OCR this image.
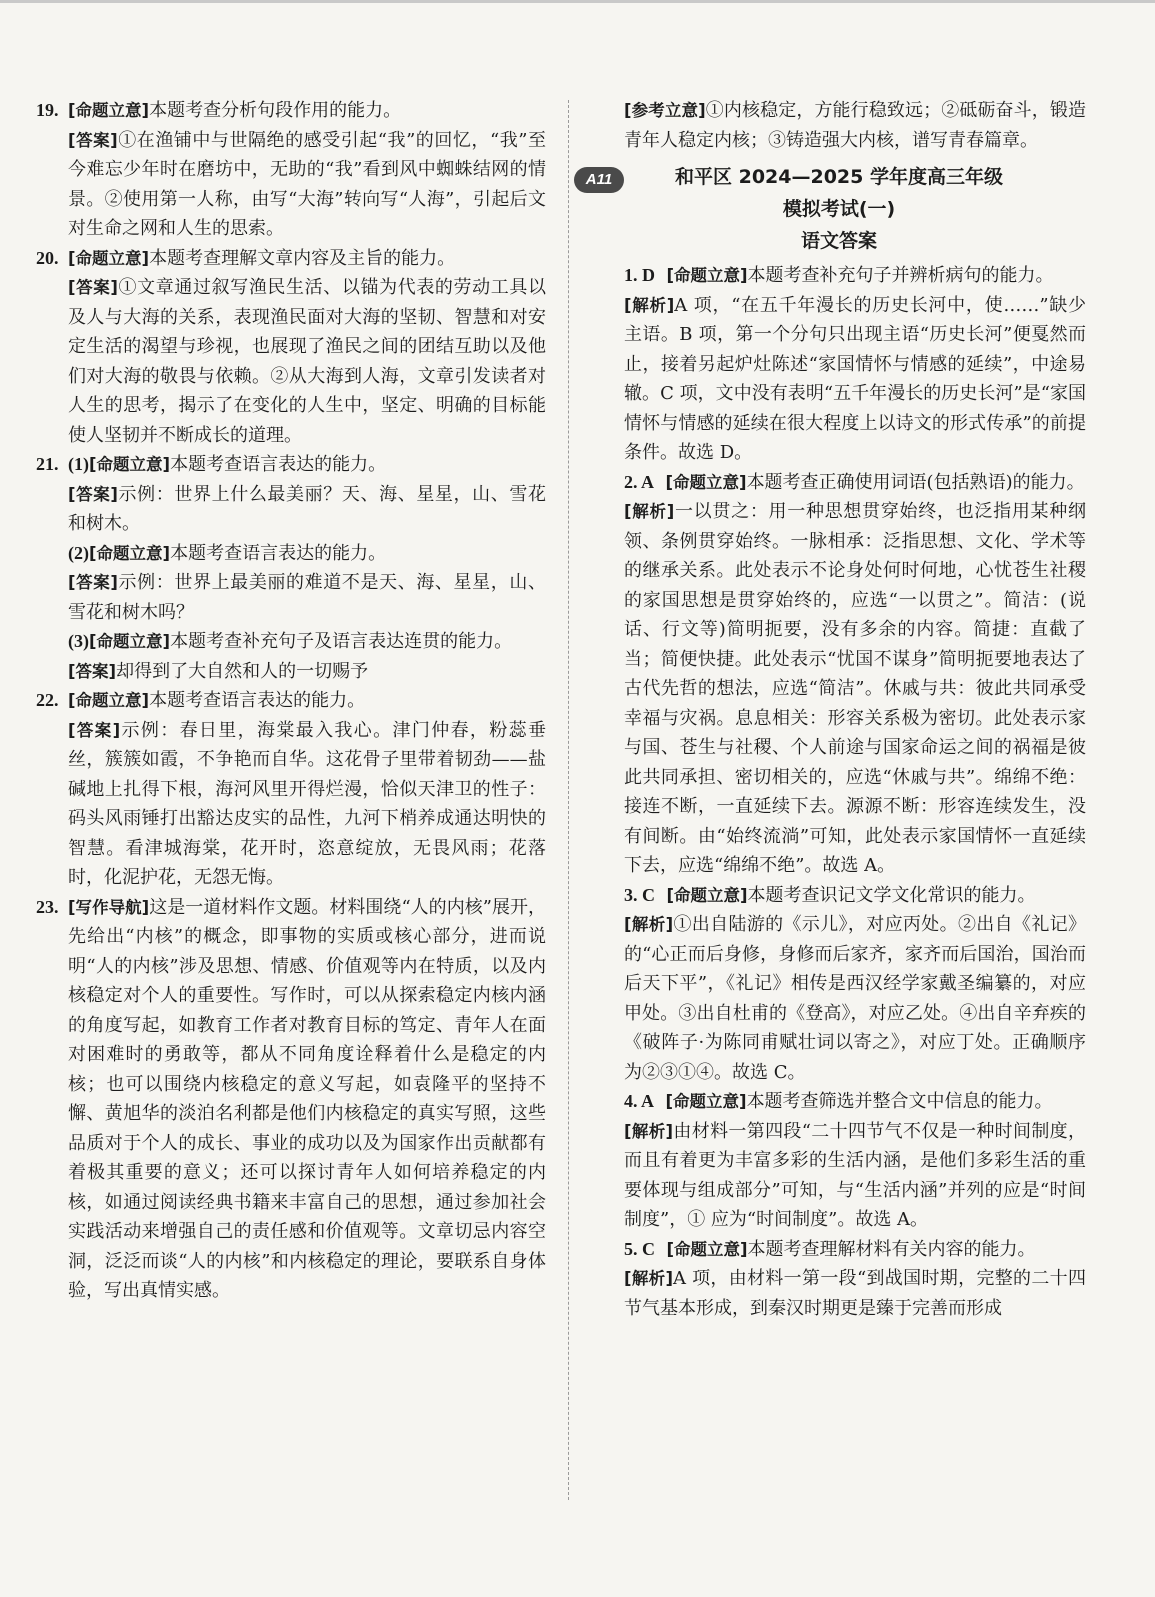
19. [命题立意]本题考查分析句段作用的能力。

[答案]①在渔铺中与世隔绝的感受引起“我”的回忆，“我”至今难忘少年时在磨坊中，无助的“我”看到风中蜘蛛结网的情景。②使用第一人称，由写“大海”转向写“人海”，引起后文对生命之网和人生的思索。

20. [命题立意]本题考查理解文章内容及主旨的能力。

[答案]①文章通过叙写渔民生活、以锚为代表的劳动工具以及人与大海的关系，表现渔民面对大海的坚韧、智慧和对安定生活的渴望与珍视，也展现了渔民之间的团结互助以及他们对大海的敬畏与依赖。②从大海到人海，文章引发读者对人生的思考，揭示了在变化的人生中，坚定、明确的目标能使人坚韧并不断成长的道理。

21. (1)[命题立意]本题考查语言表达的能力。

[答案]示例：世界上什么最美丽？天、海、星星，山、雪花和树木。

(2)[命题立意]本题考查语言表达的能力。

[答案]示例：世界上最美丽的难道不是天、海、星星，山、雪花和树木吗？

(3)[命题立意]本题考查补充句子及语言表达连贯的能力。

[答案]却得到了大自然和人的一切赐予

22. [命题立意]本题考查语言表达的能力。

[答案]示例：春日里，海棠最入我心。津门仲春，粉蕊垂丝，簇簇如霞，不争艳而自华。这花骨子里带着韧劲——盐碱地上扎得下根，海河风里开得烂漫，恰似天津卫的性子：码头风雨锤打出豁达皮实的品性，九河下梢养成通达明快的智慧。看津城海棠，花开时，恣意绽放，无畏风雨；花落时，化泥护花，无怨无悔。

23. [写作导航]这是一道材料作文题。材料围绕“人的内核”展开，先给出“内核”的概念，即事物的实质或核心部分，进而说明“人的内核”涉及思想、情感、价值观等内在特质，以及内核稳定对个人的重要性。写作时，可以从探索稳定内核内涵的角度写起，如教育工作者对教育目标的笃定、青年人在面对困难时的勇敢等，都从不同角度诠释着什么是稳定的内核；也可以围绕内核稳定的意义写起，如袁隆平的坚持不懈、黄旭华的淡泊名利都是他们内核稳定的真实写照，这些品质对于个人的成长、事业的成功以及为国家作出贡献都有着极其重要的意义；还可以探讨青年人如何培养稳定的内核，如通过阅读经典书籍来丰富自己的思想，通过参加社会实践活动来增强自己的责任感和价值观等。文章切忌内容空洞，泛泛而谈“人的内核”和内核稳定的理论，要联系自身体验，写出真情实感。

[参考立意]①内核稳定，方能行稳致远；②砥砺奋斗，锻造青年人稳定内核；③铸造强大内核，谱写青春篇章。

A11	和平区 2024—2025 学年度高三年级
模拟考试(一)
语文答案

1. D [命题立意]本题考查补充句子并辨析病句的能力。

[解析]A 项，“在五千年漫长的历史长河中，使……”缺少主语。B 项，第一个分句只出现主语“历史长河”便戛然而止，接着另起炉灶陈述“家国情怀与情感的延续”，中途易辙。C 项，文中没有表明“五千年漫长的历史长河”是“家国情怀与情感的延续在很大程度上以诗文的形式传承”的前提条件。故选 D。

2. A [命题立意]本题考查正确使用词语(包括熟语)的能力。

[解析]一以贯之：用一种思想贯穿始终，也泛指用某种纲领、条例贯穿始终。一脉相承：泛指思想、文化、学术等的继承关系。此处表示不论身处何时何地，心忧苍生社稷的家国思想是贯穿始终的，应选“一以贯之”。简洁：(说话、行文等)简明扼要，没有多余的内容。简捷：直截了当；简便快捷。此处表示“忧国不谋身”简明扼要地表达了古代先哲的想法，应选“简洁”。休戚与共：彼此共同承受幸福与灾祸。息息相关：形容关系极为密切。此处表示家与国、苍生与社稷、个人前途与国家命运之间的祸福是彼此共同承担、密切相关的，应选“休戚与共”。绵绵不绝：接连不断，一直延续下去。源源不断：形容连续发生，没有间断。由“始终流淌”可知，此处表示家国情怀一直延续下去，应选“绵绵不绝”。故选 A。

3. C [命题立意]本题考查识记文学文化常识的能力。

[解析]①出自陆游的《示儿》，对应丙处。②出自《礼记》的“心正而后身修，身修而后家齐，家齐而后国治，国治而后天下平”，《礼记》相传是西汉经学家戴圣编纂的，对应甲处。③出自杜甫的《登高》，对应乙处。④出自辛弃疾的《破阵子·为陈同甫赋壮词以寄之》，对应丁处。正确顺序为②③①④。故选 C。

4. A [命题立意]本题考查筛选并整合文中信息的能力。

[解析]由材料一第四段“二十四节气不仅是一种时间制度，而且有着更为丰富多彩的生活内涵，是他们多彩生活的重要体现与组成部分”可知，与“生活内涵”并列的应是“时间制度”，① 应为“时间制度”。故选 A。

5. C [命题立意]本题考查理解材料有关内容的能力。

[解析]A 项，由材料一第一段“到战国时期，完整的二十四节气基本形成，到秦汉时期更是臻于完善而形成
